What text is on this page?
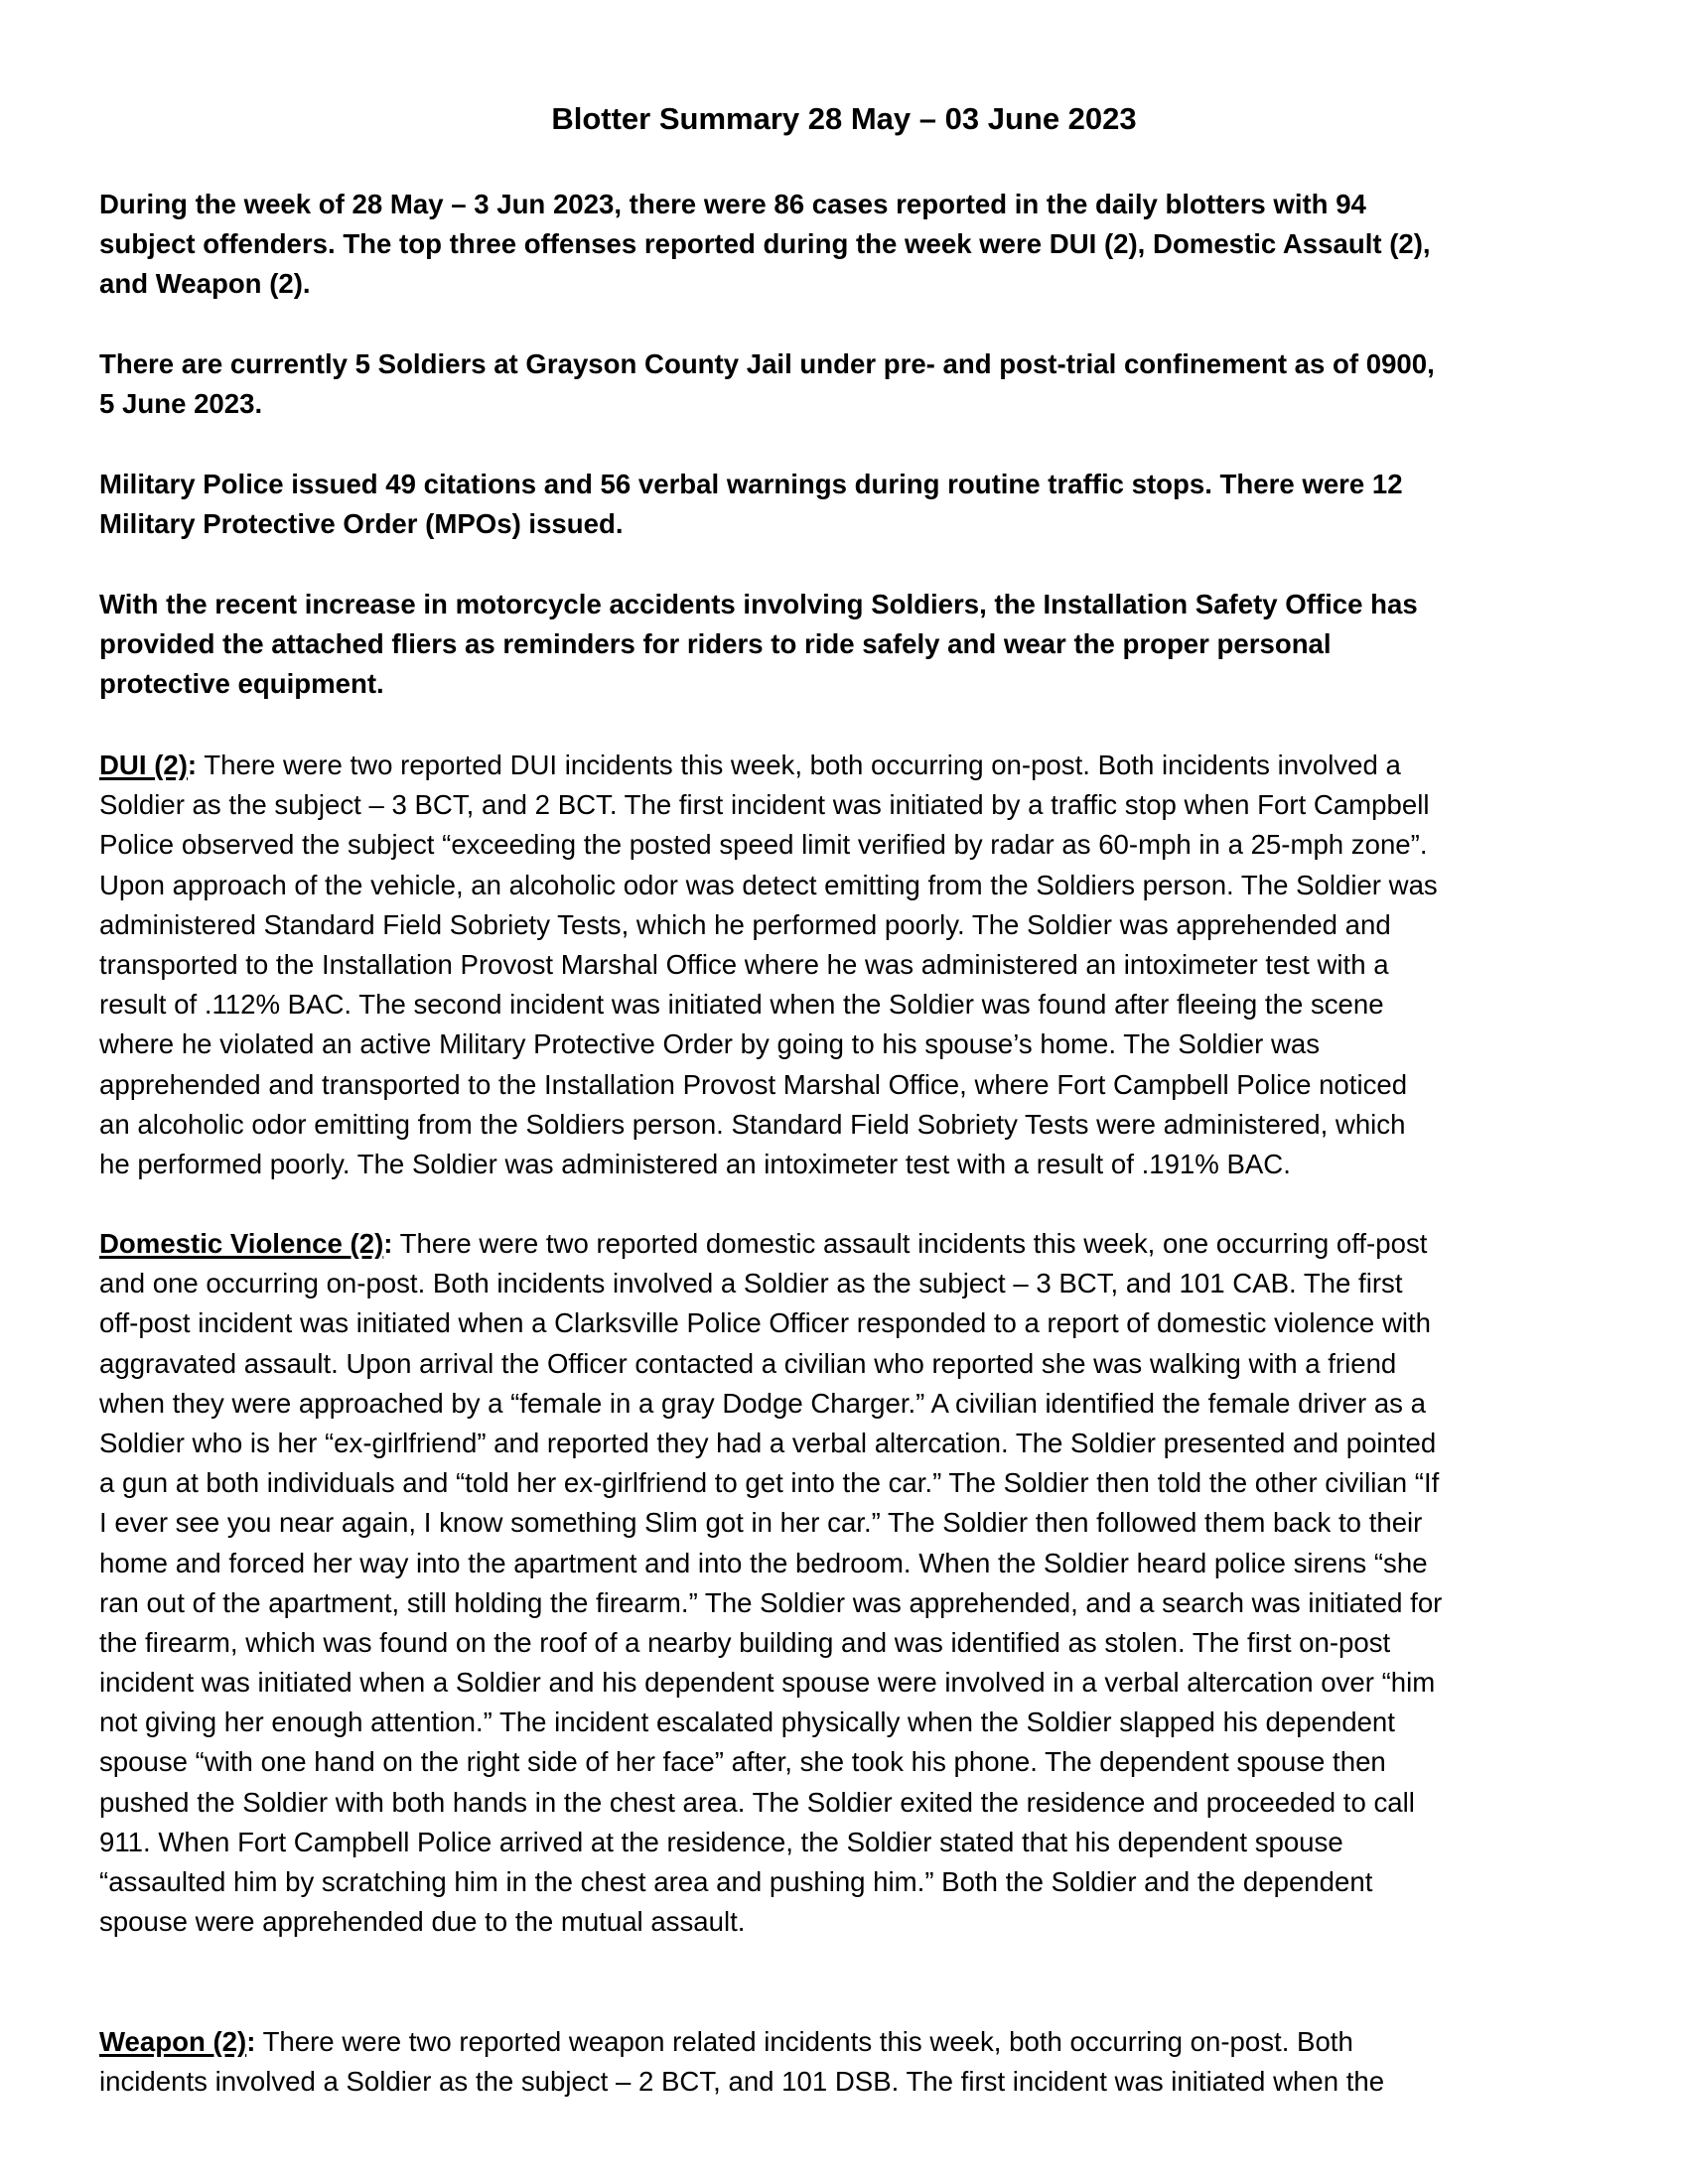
Blotter Summary 28 May – 03 June 2023
During the week of 28 May – 3 Jun 2023, there were 86 cases reported in the daily blotters with 94
subject offenders. The top three offenses reported during the week were DUI (2), Domestic Assault (2),
and Weapon (2).
There are currently 5 Soldiers at Grayson County Jail under pre- and post-trial confinement as of 0900,
5 June 2023.
Military Police issued 49 citations and 56 verbal warnings during routine traffic stops. There were 12
Military Protective Order (MPOs) issued.
With the recent increase in motorcycle accidents involving Soldiers, the Installation Safety Office has
provided the attached fliers as reminders for riders to ride safely and wear the proper personal
protective equipment.
DUI (2): There were two reported DUI incidents this week, both occurring on-post. Both incidents involved a
Soldier as the subject – 3 BCT, and 2 BCT. The first incident was initiated by a traffic stop when Fort Campbell
Police observed the subject “exceeding the posted speed limit verified by radar as 60-mph in a 25-mph zone”.
Upon approach of the vehicle, an alcoholic odor was detect emitting from the Soldiers person. The Soldier was
administered Standard Field Sobriety Tests, which he performed poorly. The Soldier was apprehended and
transported to the Installation Provost Marshal Office where he was administered an intoximeter test with a
result of .112% BAC. The second incident was initiated when the Soldier was found after fleeing the scene
where he violated an active Military Protective Order by going to his spouse’s home. The Soldier was
apprehended and transported to the Installation Provost Marshal Office, where Fort Campbell Police noticed
an alcoholic odor emitting from the Soldiers person. Standard Field Sobriety Tests were administered, which
he performed poorly. The Soldier was administered an intoximeter test with a result of .191% BAC.
Domestic Violence (2): There were two reported domestic assault incidents this week, one occurring off-post
and one occurring on-post. Both incidents involved a Soldier as the subject – 3 BCT, and 101 CAB. The first
off-post incident was initiated when a Clarksville Police Officer responded to a report of domestic violence with
aggravated assault. Upon arrival the Officer contacted a civilian who reported she was walking with a friend
when they were approached by a “female in a gray Dodge Charger.” A civilian identified the female driver as a
Soldier who is her “ex-girlfriend” and reported they had a verbal altercation. The Soldier presented and pointed
a gun at both individuals and “told her ex-girlfriend to get into the car.” The Soldier then told the other civilian “If
I ever see you near again, I know something Slim got in her car.” The Soldier then followed them back to their
home and forced her way into the apartment and into the bedroom. When the Soldier heard police sirens “she
ran out of the apartment, still holding the firearm.” The Soldier was apprehended, and a search was initiated for
the firearm, which was found on the roof of a nearby building and was identified as stolen. The first on-post
incident was initiated when a Soldier and his dependent spouse were involved in a verbal altercation over “him
not giving her enough attention.” The incident escalated physically when the Soldier slapped his dependent
spouse “with one hand on the right side of her face” after, she took his phone. The dependent spouse then
pushed the Soldier with both hands in the chest area. The Soldier exited the residence and proceeded to call
911. When Fort Campbell Police arrived at the residence, the Soldier stated that his dependent spouse
“assaulted him by scratching him in the chest area and pushing him.” Both the Soldier and the dependent
spouse were apprehended due to the mutual assault.
Weapon (2): There were two reported weapon related incidents this week, both occurring on-post. Both
incidents involved a Soldier as the subject – 2 BCT, and 101 DSB. The first incident was initiated when the
